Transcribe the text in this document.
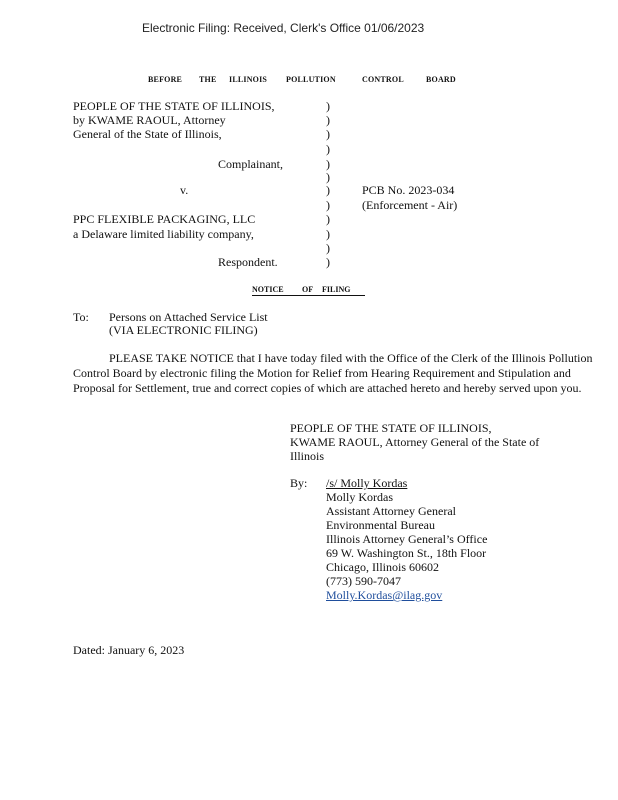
Electronic Filing: Received, Clerk's Office 01/06/2023
BEFORE THE ILLINOIS POLLUTION	CONTROL	BOARD
PEOPLE OF THE STATE OF ILLINOIS,
by KWAME RAOUL, Attorney
General of the State of Illinois,
Complainant,
v.
PPC FLEXIBLE PACKAGING, LLC
a Delaware limited liability company,
Respondent.
)
)
)
)
)
)
)
)
)
)
)
)
PCB No. 2023-034
(Enforcement - Air)
NOTICE OF FILING
To: Persons on Attached Service List
(VIA ELECTRONIC FILING)
PLEASE TAKE NOTICE that I have today filed with the Office of the Clerk of the Illinois Pollution Control Board by electronic filing the Motion for Relief from Hearing Requirement and Stipulation and Proposal for Settlement, true and correct copies of which are attached hereto and hereby served upon you.
PEOPLE OF THE STATE OF ILLINOIS,
KWAME RAOUL, Attorney General of the State of
Illinois
By: /s/ Molly Kordas
Molly Kordas
Assistant Attorney General
Environmental Bureau
Illinois Attorney General’s Office
69 W. Washington St., 18th Floor
Chicago, Illinois 60602
(773) 590-7047
Molly.Kordas@ilag.gov
Dated: January 6, 2023
